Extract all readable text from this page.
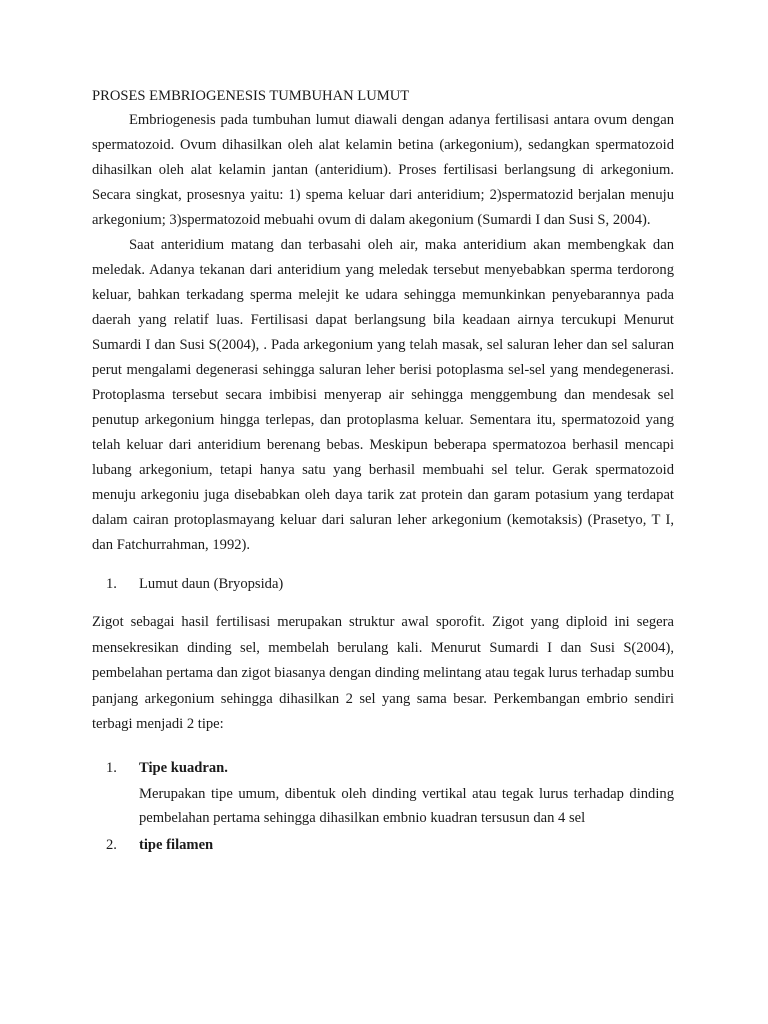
PROSES EMBRIOGENESIS TUMBUHAN LUMUT

Embriogenesis pada tumbuhan lumut diawali dengan adanya fertilisasi antara ovum dengan spermatozoid. Ovum dihasilkan oleh alat kelamin betina (arkegonium), sedangkan spermatozoid dihasilkan oleh alat kelamin jantan (anteridium). Proses fertilisasi berlangsung di arkegonium. Secara singkat, prosesnya yaitu: 1) spema keluar dari anteridium; 2)spermatozid berjalan menuju arkegonium; 3)spermatozoid mebuahi ovum di dalam akegonium (Sumardi I dan Susi S, 2004).

Saat anteridium matang dan terbasahi oleh air, maka anteridium akan membengkak dan meledak. Adanya tekanan dari anteridium yang meledak tersebut menyebabkan sperma terdorong keluar, bahkan terkadang sperma melejit ke udara sehingga memunkinkan penyebarannya pada daerah yang relatif luas. Fertilisasi dapat berlangsung bila keadaan airnya tercukupi Menurut Sumardi I dan Susi S(2004), . Pada arkegonium yang telah masak, sel saluran leher dan sel saluran perut mengalami degenerasi sehingga saluran leher berisi potoplasma sel-sel yang mendegenerasi. Protoplasma tersebut secara imbibisi menyerap air sehingga menggembung dan mendesak sel penutup arkegonium hingga terlepas, dan protoplasma keluar. Sementara itu, spermatozoid yang telah keluar dari anteridium berenang bebas. Meskipun beberapa spermatozoa berhasil mencapi lubang arkegonium, tetapi hanya satu yang berhasil membuahi sel telur. Gerak spermatozoid menuju arkegoniu juga disebabkan oleh daya tarik zat protein dan garam potasium yang terdapat dalam cairan protoplasmayang keluar dari saluran leher arkegonium (kemotaksis) (Prasetyo, T I, dan Fatchurrahman, 1992).

1. Lumut daun (Bryopsida)

Zigot sebagai hasil fertilisasi merupakan struktur awal sporofit. Zigot yang diploid ini segera mensekresikan dinding sel, membelah berulang kali. Menurut Sumardi I dan Susi S(2004), pembelahan pertama dan zigot biasanya dengan dinding melintang atau tegak lurus terhadap sumbu panjang arkegonium sehingga dihasilkan 2 sel yang sama besar. Perkembangan embrio sendiri terbagi menjadi 2 tipe:

1. Tipe kuadran.

Merupakan tipe umum, dibentuk oleh dinding vertikal atau tegak lurus terhadap dinding pembelahan pertama sehingga dihasilkan embnio kuadran tersusun dan 4 sel

2. tipe filamen
